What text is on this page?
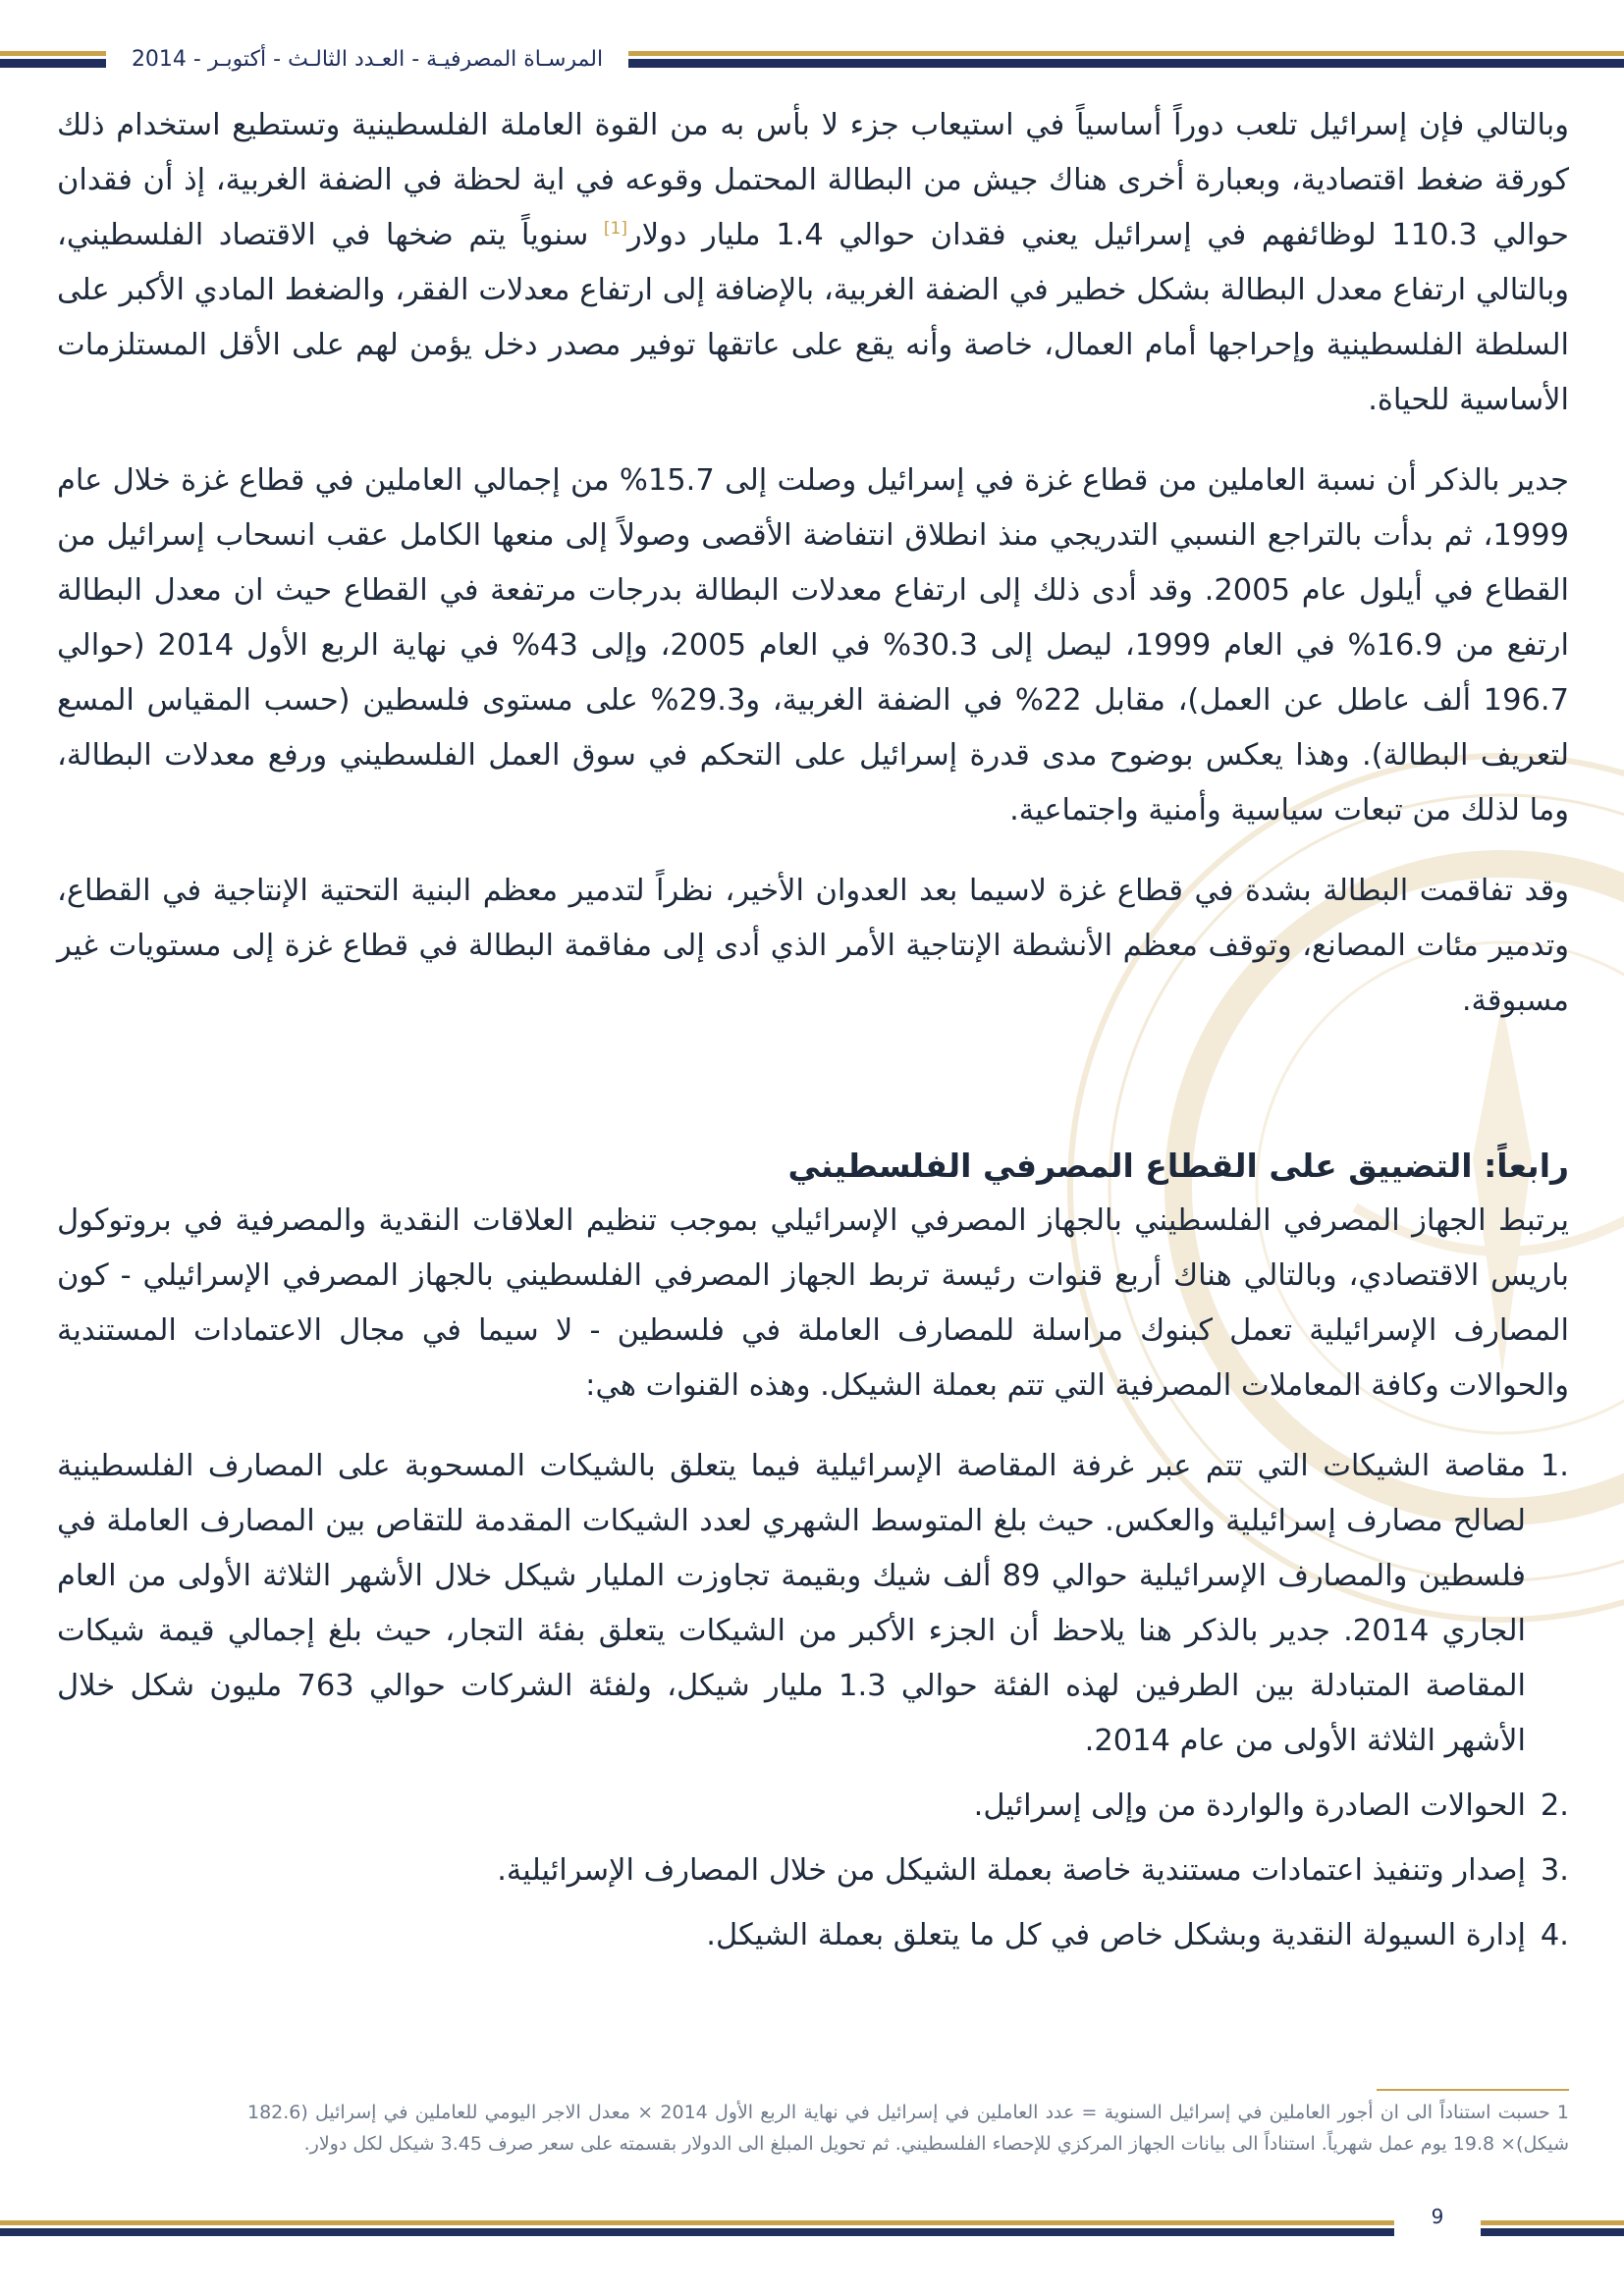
المرسـاة المصرفيـة - العـدد الثالـث - أكتوبـر - 2014

وبالتالي فإن إسرائيل تلعب دوراً أساسياً في استيعاب جزء لا بأس به من القوة العاملة الفلسطينية وتستطيع استخدام ذلك كورقة ضغط اقتصادية، وبعبارة أخرى هناك جيش من البطالة المحتمل وقوعه في اية لحظة في الضفة الغربية، إذ أن فقدان حوالي 110.3 لوظائفهم في إسرائيل يعني فقدان حوالي 1.4 مليار دولار[1] سنوياً يتم ضخها في الاقتصاد الفلسطيني، وبالتالي ارتفاع معدل البطالة بشكل خطير في الضفة الغربية، بالإضافة إلى ارتفاع معدلات الفقر، والضغط المادي الأكبر على السلطة الفلسطينية وإحراجها أمام العمال، خاصة وأنه يقع على عاتقها توفير مصدر دخل يؤمن لهم على الأقل المستلزمات الأساسية للحياة.

جدير بالذكر أن نسبة العاملين من قطاع غزة في إسرائيل وصلت إلى 15.7% من إجمالي العاملين في قطاع غزة خلال عام 1999، ثم بدأت بالتراجع النسبي التدريجي منذ انطلاق انتفاضة الأقصى وصولاً إلى منعها الكامل عقب انسحاب إسرائيل من القطاع في أيلول عام 2005. وقد أدى ذلك إلى ارتفاع معدلات البطالة بدرجات مرتفعة في القطاع حيث ان معدل البطالة ارتفع من 16.9% في العام 1999، ليصل إلى 30.3% في العام 2005، وإلى 43% في نهاية الربع الأول 2014 (حوالي 196.7 ألف عاطل عن العمل)، مقابل 22% في الضفة الغربية، و29.3% على مستوى فلسطين (حسب المقياس المسع لتعريف البطالة). وهذا يعكس بوضوح مدى قدرة إسرائيل على التحكم في سوق العمل الفلسطيني ورفع معدلات البطالة، وما لذلك من تبعات سياسية وأمنية واجتماعية.

وقد تفاقمت البطالة بشدة في قطاع غزة لاسيما بعد العدوان الأخير، نظراً لتدمير معظم البنية التحتية الإنتاجية في القطاع، وتدمير مئات المصانع، وتوقف معظم الأنشطة الإنتاجية الأمر الذي أدى إلى مفاقمة البطالة في قطاع غزة إلى مستويات غير مسبوقة.

رابعاً: التضييق على القطاع المصرفي الفلسطيني

يرتبط الجهاز المصرفي الفلسطيني بالجهاز المصرفي الإسرائيلي بموجب تنظيم العلاقات النقدية والمصرفية في بروتوكول باريس الاقتصادي، وبالتالي هناك أربع قنوات رئيسة تربط الجهاز المصرفي الفلسطيني بالجهاز المصرفي الإسرائيلي - كون المصارف الإسرائيلية تعمل كبنوك مراسلة للمصارف العاملة في فلسطين - لا سيما في مجال الاعتمادات المستندية والحوالات وكافة المعاملات المصرفية التي تتم بعملة الشيكل. وهذه القنوات هي:

1.
مقاصة الشيكات التي تتم عبر غرفة المقاصة الإسرائيلية فيما يتعلق بالشيكات المسحوبة على المصارف الفلسطينية لصالح مصارف إسرائيلية والعكس. حيث بلغ المتوسط الشهري لعدد الشيكات المقدمة للتقاص بين المصارف العاملة في فلسطين والمصارف الإسرائيلية حوالي 89 ألف شيك وبقيمة تجاوزت المليار شيكل خلال الأشهر الثلاثة الأولى من العام الجاري 2014. جدير بالذكر هنا يلاحظ أن الجزء الأكبر من الشيكات يتعلق بفئة التجار، حيث بلغ إجمالي قيمة شيكات المقاصة المتبادلة بين الطرفين لهذه الفئة حوالي 1.3 مليار شيكل، ولفئة الشركات حوالي 763 مليون شكل خلال الأشهر الثلاثة الأولى من عام 2014.
2.
الحوالات الصادرة والواردة من وإلى إسرائيل.
3.
إصدار وتنفيذ اعتمادات مستندية خاصة بعملة الشيكل من خلال المصارف الإسرائيلية.
4.
إدارة السيولة النقدية وبشكل خاص في كل ما يتعلق بعملة الشيكل.
1 حسبت استناداً الى ان أجور العاملين في إسرائيل السنوية = عدد العاملين في إسرائيل في نهاية الربع الأول 2014 × معدل الاجر اليومي للعاملين في إسرائيل (182.6 شيكل)× 19.8 يوم عمل شهرياً. استناداً الى بيانات الجهاز المركزي للإحصاء الفلسطيني. ثم تحويل المبلغ الى الدولار بقسمته على سعر صرف 3.45 شيكل لكل دولار.
9
